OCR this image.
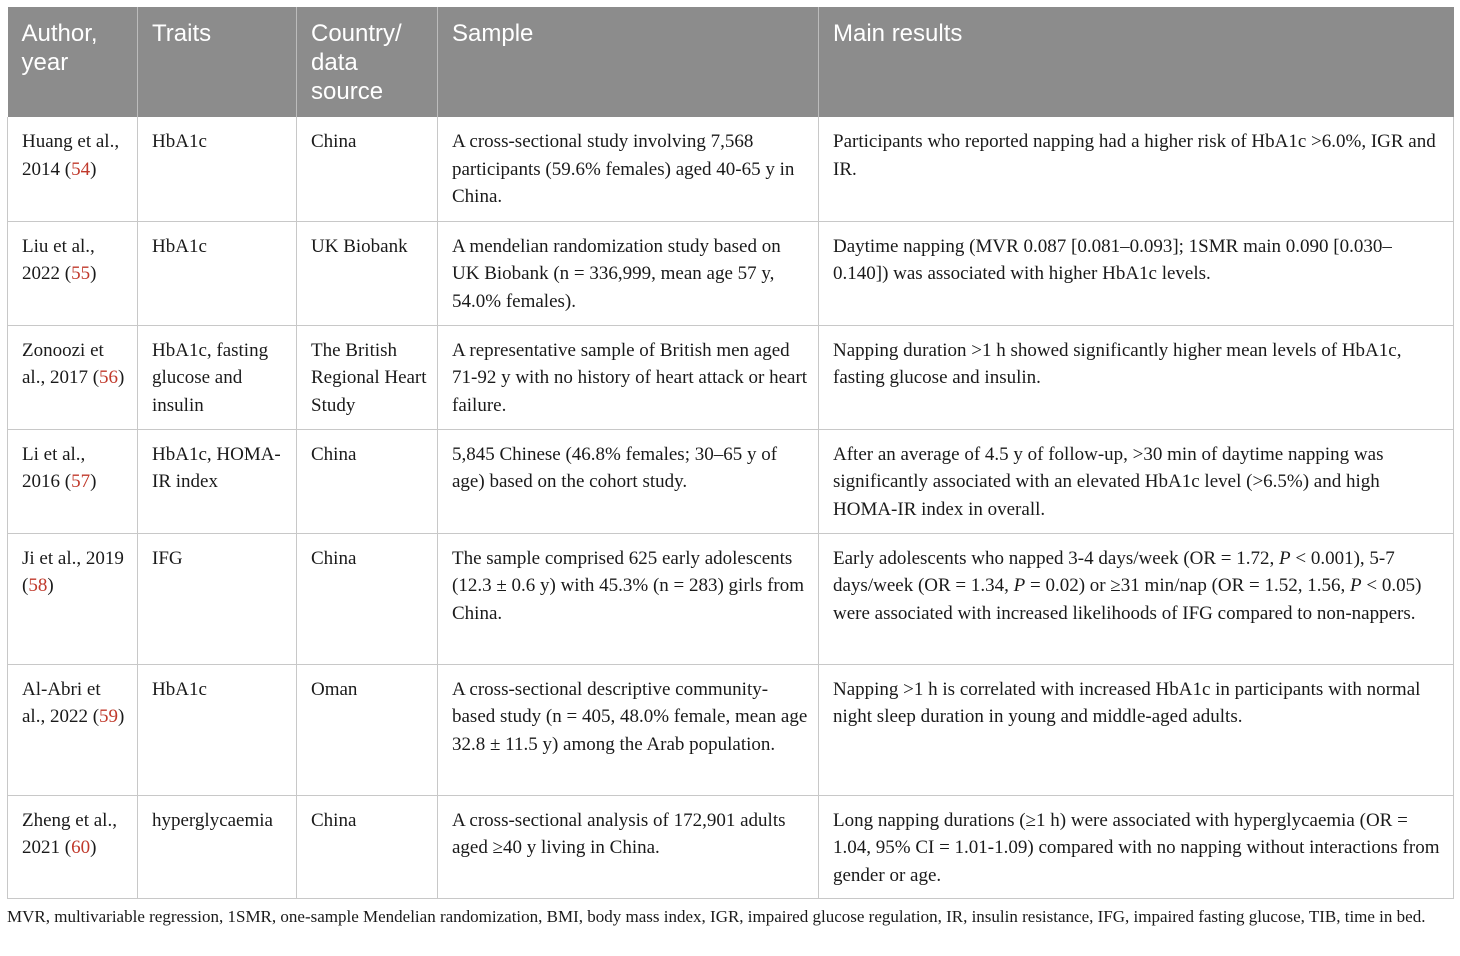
Author, year	Traits	Country/ data source	Sample	Main results
Huang et al., 2014 (54)	HbA1c	China	A cross-sectional study involving 7,568 participants (59.6% females) aged 40-65 y in China.	Participants who reported napping had a higher risk of HbA1c >6.0%, IGR and IR.
Liu et al., 2022 (55)	HbA1c	UK Biobank	A mendelian randomization study based on UK Biobank (n = 336,999, mean age 57 y, 54.0% females).	Daytime napping (MVR 0.087 [0.081–0.093]; 1SMR main 0.090 [0.030–0.140]) was associated with higher HbA1c levels.
Zonoozi et al., 2017 (56)	HbA1c, fasting glucose and insulin	The British Regional Heart Study	A representative sample of British men aged 71-92 y with no history of heart attack or heart failure.	Napping duration >1 h showed significantly higher mean levels of HbA1c, fasting glucose and insulin.
Li et al., 2016 (57)	HbA1c, HOMA-IR index	China	5,845 Chinese (46.8% females; 30–65 y of age) based on the cohort study.	After an average of 4.5 y of follow-up, >30 min of daytime napping was significantly associated with an elevated HbA1c level (>6.5%) and high HOMA-IR index in overall.
Ji et al., 2019 (58)	IFG	China	The sample comprised 625 early adolescents (12.3 ± 0.6 y) with 45.3% (n = 283) girls from China.	Early adolescents who napped 3-4 days/week (OR = 1.72, P < 0.001), 5-7 days/week (OR = 1.34, P = 0.02) or ≥31 min/nap (OR = 1.52, 1.56, P < 0.05) were associated with increased likelihoods of IFG compared to non-nappers.
Al-Abri et al., 2022 (59)	HbA1c	Oman	A cross-sectional descriptive community-based study (n = 405, 48.0% female, mean age 32.8 ± 11.5 y) among the Arab population.	Napping >1 h is correlated with increased HbA1c in participants with normal night sleep duration in young and middle-aged adults.
Zheng et al., 2021 (60)	hyperglycaemia	China	A cross-sectional analysis of 172,901 adults aged ≥40 y living in China.	Long napping durations (≥1 h) were associated with hyperglycaemia (OR = 1.04, 95% CI = 1.01-1.09) compared with no napping without interactions from gender or age.
MVR, multivariable regression, 1SMR, one-sample Mendelian randomization, BMI, body mass index, IGR, impaired glucose regulation, IR, insulin resistance, IFG, impaired fasting glucose, TIB, time in bed.
